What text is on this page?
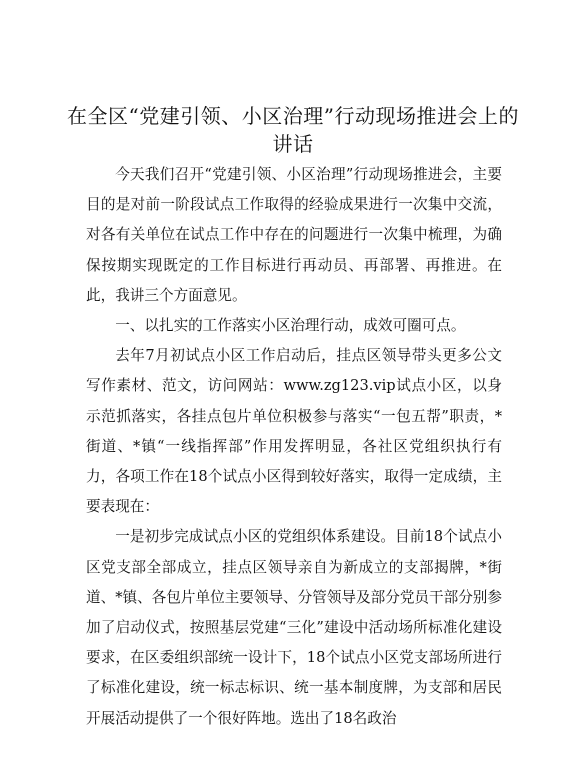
在全区“党建引领、小区治理”行动现场推进会上的讲话

今天我们召开“党建引领、小区治理”行动现场推进会，主要目的是对前一阶段试点工作取得的经验成果进行一次集中交流，对各有关单位在试点工作中存在的问题进行一次集中梳理，为确保按期实现既定的工作目标进行再动员、再部署、再推进。在此，我讲三个方面意见。

一、以扎实的工作落实小区治理行动，成效可圈可点。

去年7月初试点小区工作启动后，挂点区领导带头更多公文写作素材、范文，访问网站：www.zg123.vip试点小区，以身示范抓落实，各挂点包片单位积极参与落实“一包五帮”职责，*街道、*镇“一线指挥部”作用发挥明显，各社区党组织执行有力，各项工作在18个试点小区得到较好落实，取得一定成绩，主要表现在：

一是初步完成试点小区的党组织体系建设。目前18个试点小区党支部全部成立，挂点区领导亲自为新成立的支部揭牌，*街道、*镇、各包片单位主要领导、分管领导及部分党员干部分别参加了启动仪式，按照基层党建“三化”建设中活动场所标准化建设要求，在区委组织部统一设计下，18个试点小区党支部场所进行了标准化建设，统一标志标识、统一基本制度牌，为支部和居民开展活动提供了一个很好阵地。选出了18名政治
